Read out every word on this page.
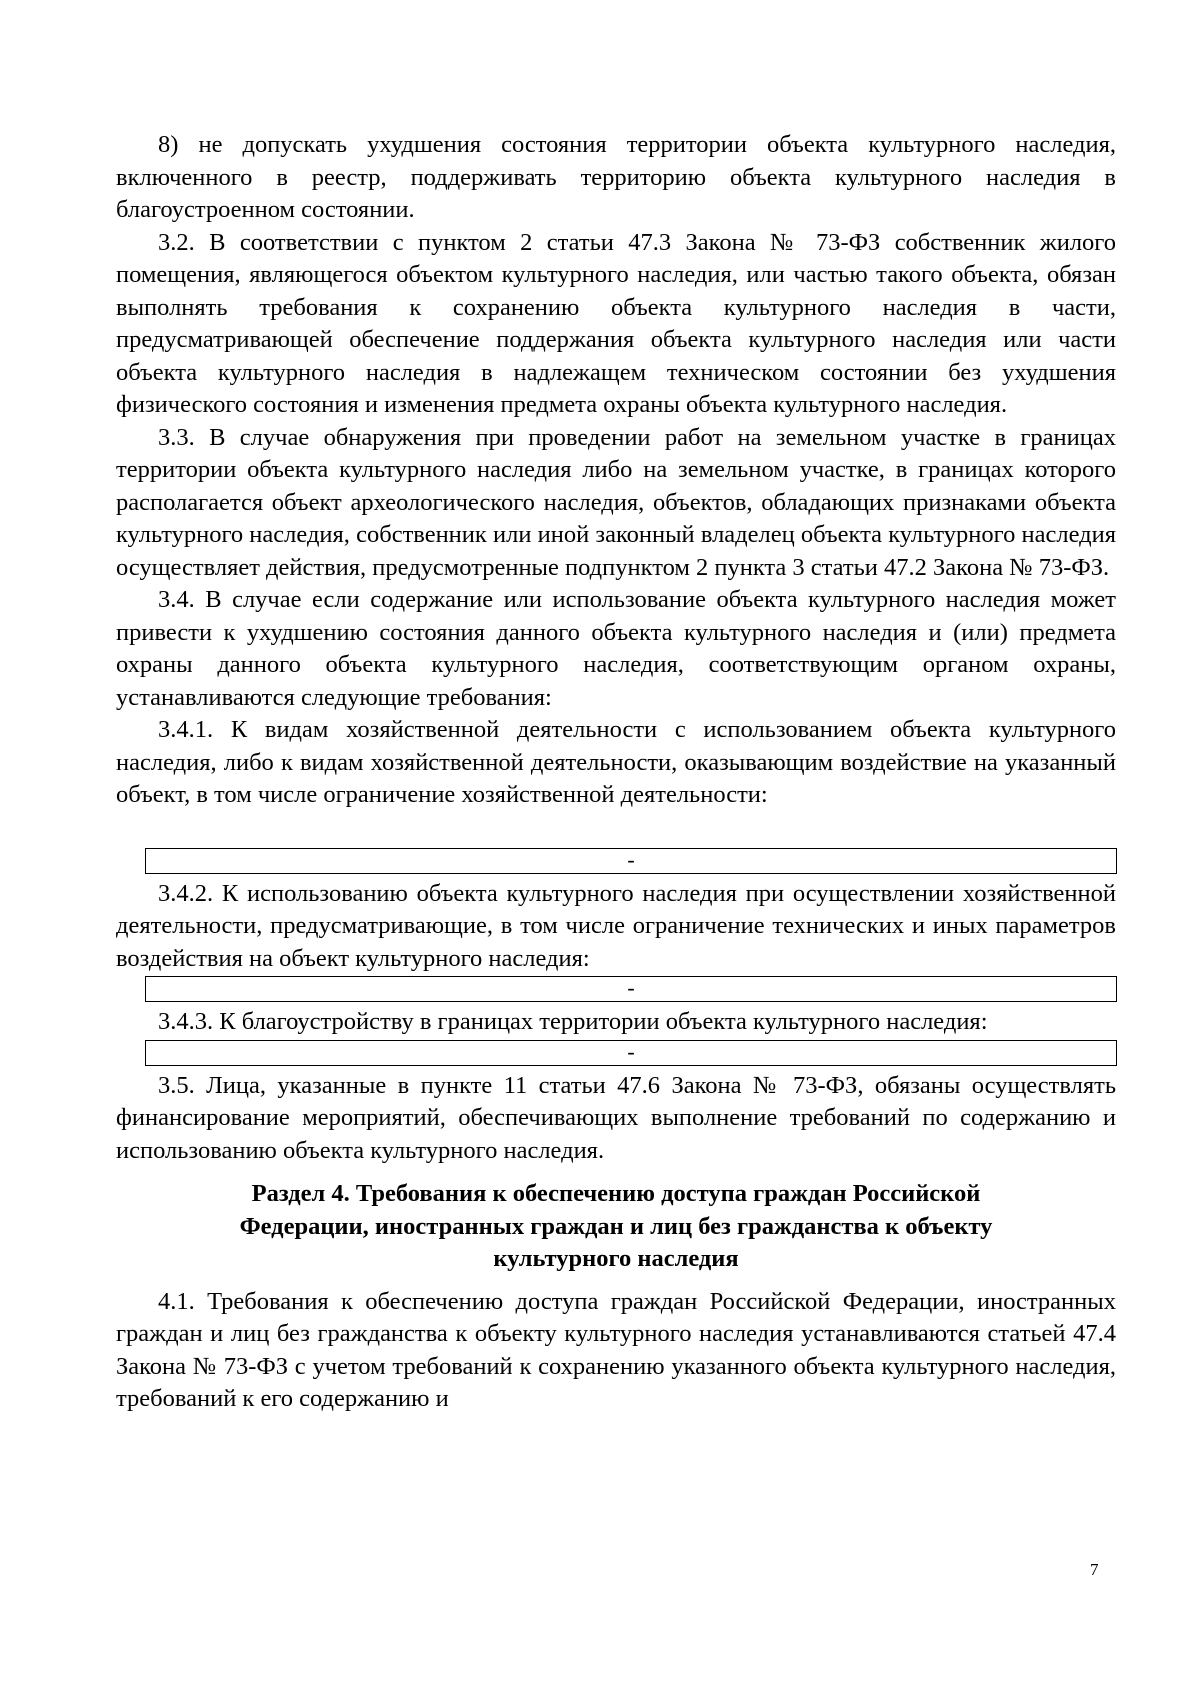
8) не допускать ухудшения состояния территории объекта культурного наследия, включенного в реестр, поддерживать территорию объекта культурного наследия в благоустроенном состоянии.

3.2. В соответствии с пунктом 2 статьи 47.3 Закона № 73-ФЗ собственник жилого помещения, являющегося объектом культурного наследия, или частью такого объекта, обязан выполнять требования к сохранению объекта культурного наследия в части, предусматривающей обеспечение поддержания объекта культурного наследия или части объекта культурного наследия в надлежащем техническом состоянии без ухудшения физического состояния и изменения предмета охраны объекта культурного наследия.

3.3. В случае обнаружения при проведении работ на земельном участке в границах территории объекта культурного наследия либо на земельном участке, в границах которого располагается объект археологического наследия, объектов, обладающих признаками объекта культурного наследия, собственник или иной законный владелец объекта культурного наследия осуществляет действия, предусмотренные подпунктом 2 пункта 3 статьи 47.2 Закона № 73-ФЗ.

3.4. В случае если содержание или использование объекта культурного наследия может привести к ухудшению состояния данного объекта культурного наследия и (или) предмета охраны данного объекта культурного наследия, соответствующим органом охраны, устанавливаются следующие требования:

3.4.1. К видам хозяйственной деятельности с использованием объекта культурного наследия, либо к видам хозяйственной деятельности, оказывающим воздействие на указанный объект, в том числе ограничение хозяйственной деятельности:

-

3.4.2. К использованию объекта культурного наследия при осуществлении хозяйственной деятельности, предусматривающие, в том числе ограничение технических и иных параметров воздействия на объект культурного наследия:

-

3.4.3. К благоустройству в границах территории объекта культурного наследия:

-

3.5. Лица, указанные в пункте 11 статьи 47.6 Закона № 73-ФЗ, обязаны осуществлять финансирование мероприятий, обеспечивающих выполнение требований по содержанию и использованию объекта культурного наследия.

Раздел 4. Требования к обеспечению доступа граждан Российской
Федерации, иностранных граждан и лиц без гражданства к объекту
культурного наследия

4.1. Требования к обеспечению доступа граждан Российской Федерации, иностранных граждан и лиц без гражданства к объекту культурного наследия устанавливаются статьей 47.4 Закона № 73-ФЗ с учетом требований к сохранению указанного объекта культурного наследия, требований к его содержанию и

7
